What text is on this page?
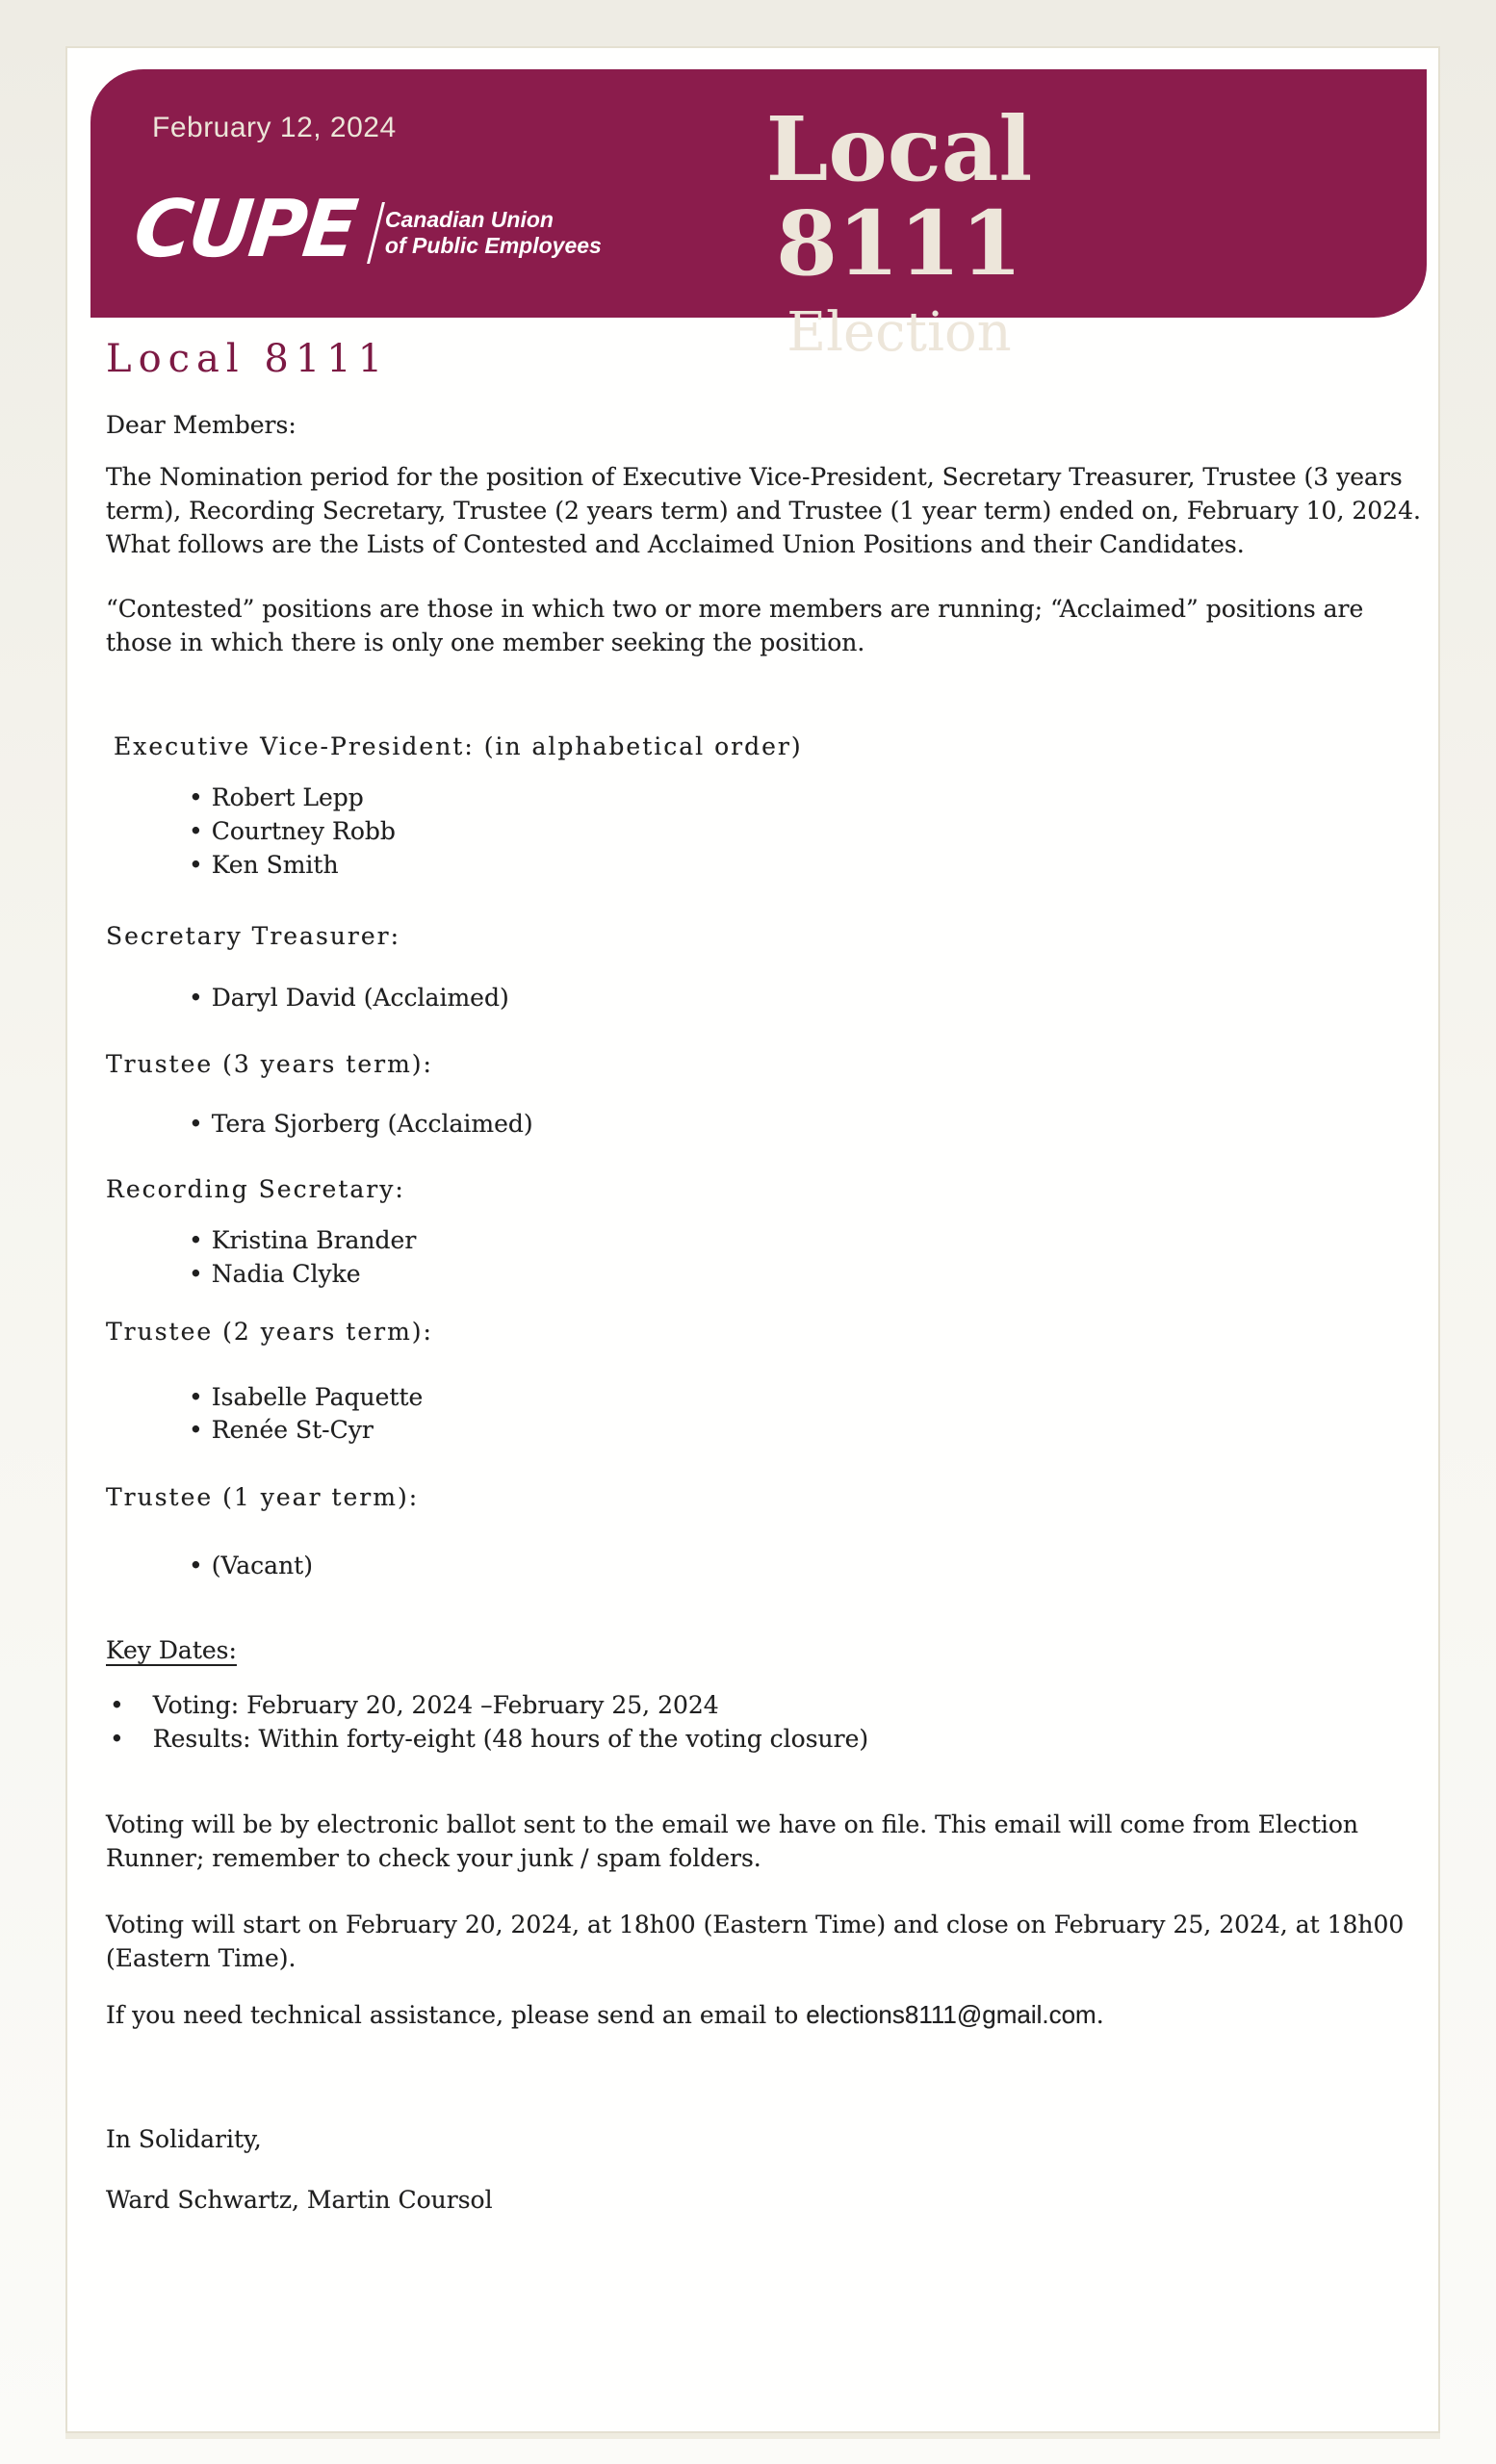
February 12, 2024
CUPE Canadian Union
of Public Employees
Local 8111
Election
Local 8111
Dear Members:
The Nomination period for the position of Executive Vice-President, Secretary Treasurer, Trustee (3 years
term), Recording Secretary, Trustee (2 years term) and Trustee (1 year term) ended on, February 10, 2024.
What follows are the Lists of Contested and Acclaimed Union Positions and their Candidates.
“Contested” positions are those in which two or more members are running; “Acclaimed” positions are
those in which there is only one member seeking the position.
Executive Vice-President: (in alphabetical order)
• Robert Lepp
• Courtney Robb
• Ken Smith
Secretary Treasurer:
• Daryl David (Acclaimed)
Trustee (3 years term):
• Tera Sjorberg (Acclaimed)
Recording Secretary:
• Kristina Brander
• Nadia Clyke
Trustee (2 years term):
• Isabelle Paquette
• Renée St-Cyr
Trustee (1 year term):
• (Vacant)
Key Dates:
• Voting: February 20, 2024 –February 25, 2024
• Results: Within forty-eight (48 hours of the voting closure)
Voting will be by electronic ballot sent to the email we have on file. This email will come from Election
Runner; remember to check your junk / spam folders.
Voting will start on February 20, 2024, at 18h00 (Eastern Time) and close on February 25, 2024, at 18h00
(Eastern Time).
If you need technical assistance, please send an email to elections8111@gmail.com.
In Solidarity,
Ward Schwartz, Martin Coursol
